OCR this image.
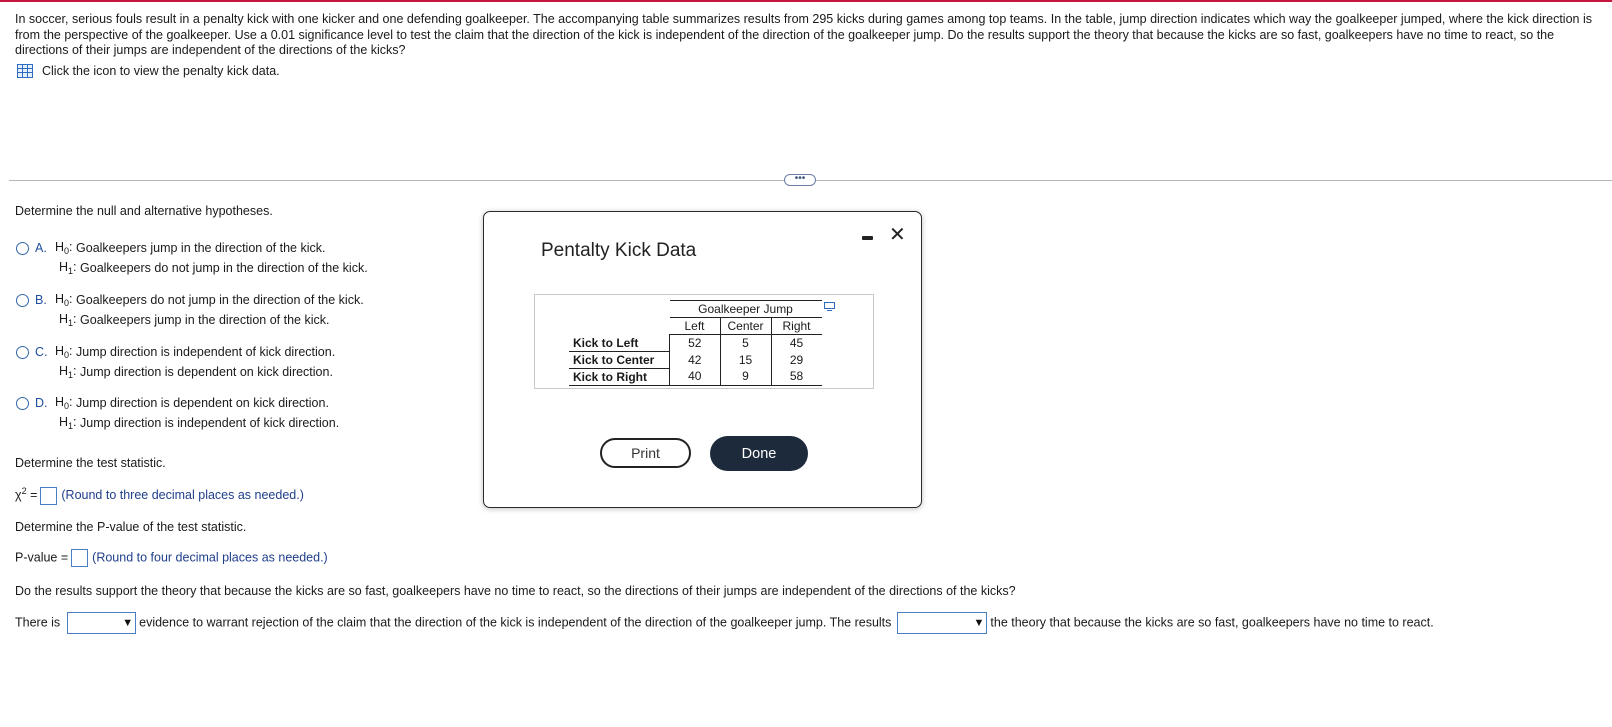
In soccer, serious fouls result in a penalty kick with one kicker and one defending goalkeeper. The accompanying table summarizes results from 295 kicks during games among top teams. In the table, jump direction indicates which way the goalkeeper jumped, where the kick direction is from the perspective of the goalkeeper. Use a 0.01 significance level to test the claim that the direction of the kick is independent of the direction of the goalkeeper jump. Do the results support the theory that because the kicks are so fast, goalkeepers have no time to react, so the directions of their jumps are independent of the directions of the kicks?
Click the icon to view the penalty kick data.
•••
Determine the null and alternative hypotheses.
A. $H_0$:
Goalkeepers jump in the direction of the kick.
$H_1$:
Goalkeepers do not jump in the direction of the kick.
B. $H_0$:
Goalkeepers do not jump in the direction of the kick.
$H_1$:
Goalkeepers jump in the direction of the kick.
C. $H_0$:
Jump direction is independent of kick direction.
$H_1$:
Jump direction is dependent on kick direction.
D. $H_0$:
Jump direction is dependent on kick direction.
$H_1$:
Jump direction is independent of kick direction.
Determine the test statistic.
$\chi^2$ = (Round to three decimal places as needed.)
Determine the P-value of the test statistic.
P-value = (Round to four decimal places as needed.)
Do the results support the theory that because the kicks are so fast, goalkeepers have no time to react, so the directions of their jumps are independent of the directions of the kicks?
There is	▼ evidence to warrant rejection of the claim that the direction of the kick is independent of the direction of the goalkeeper jump. The results	▼ the theory that because the kicks are so fast, goalkeepers have no time to react.
Pentalty Kick Data
✕
	Goalkeeper Jump		
	Left	Center	Right
Kick to Left	52	5	45
Kick to Center	42	15	29
Kick to Right	40	9	58
Print	Done
